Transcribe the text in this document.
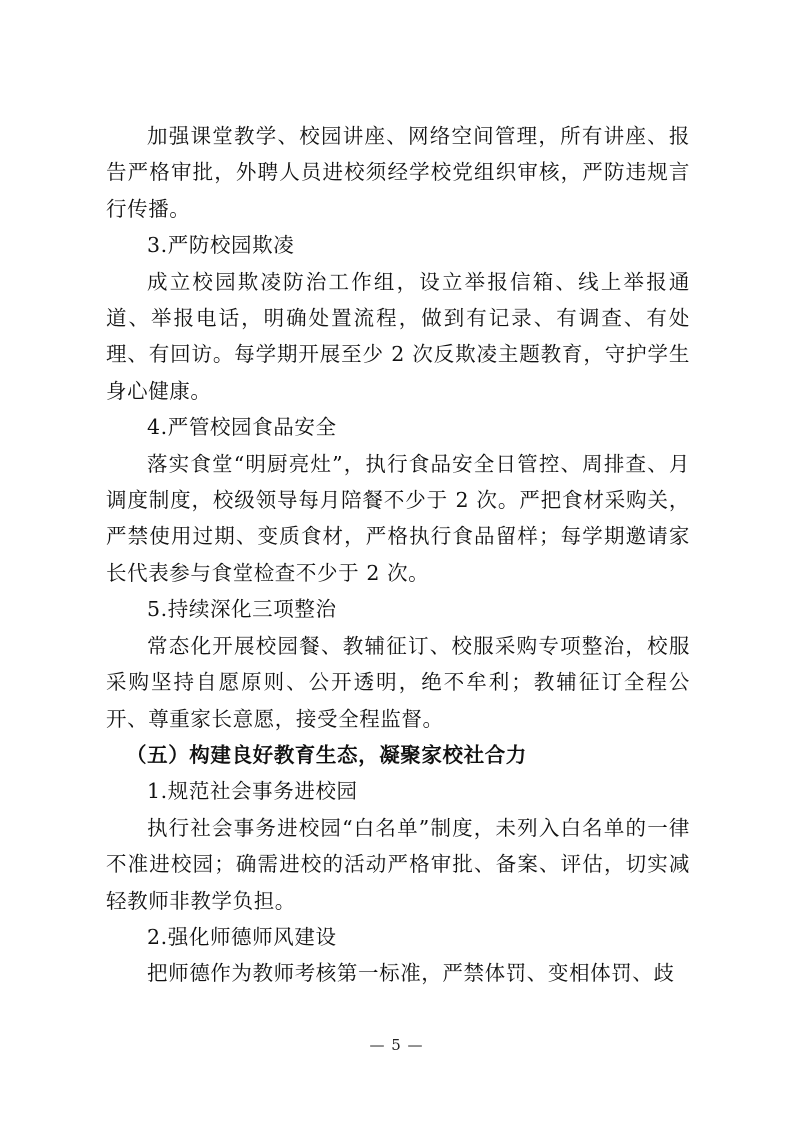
加强课堂教学、校园讲座、网络空间管理，所有讲座、报告严格审批，外聘人员进校须经学校党组织审核，严防违规言行传播。

3.严防校园欺凌

成立校园欺凌防治工作组，设立举报信箱、线上举报通道、举报电话，明确处置流程，做到有记录、有调查、有处理、有回访。每学期开展至少 2 次反欺凌主题教育，守护学生身心健康。

4.严管校园食品安全

落实食堂“明厨亮灶”，执行食品安全日管控、周排查、月调度制度，校级领导每月陪餐不少于 2 次。严把食材采购关，严禁使用过期、变质食材，严格执行食品留样；每学期邀请家长代表参与食堂检查不少于 2 次。

5.持续深化三项整治

常态化开展校园餐、教辅征订、校服采购专项整治，校服采购坚持自愿原则、公开透明，绝不牟利；教辅征订全程公开、尊重家长意愿，接受全程监督。

（五）构建良好教育生态，凝聚家校社合力

1.规范社会事务进校园

执行社会事务进校园“白名单”制度，未列入白名单的一律不准进校园；确需进校的活动严格审批、备案、评估，切实减轻教师非教学负担。

2.强化师德师风建设

把师德作为教师考核第一标准，严禁体罚、变相体罚、歧

— 5 —
